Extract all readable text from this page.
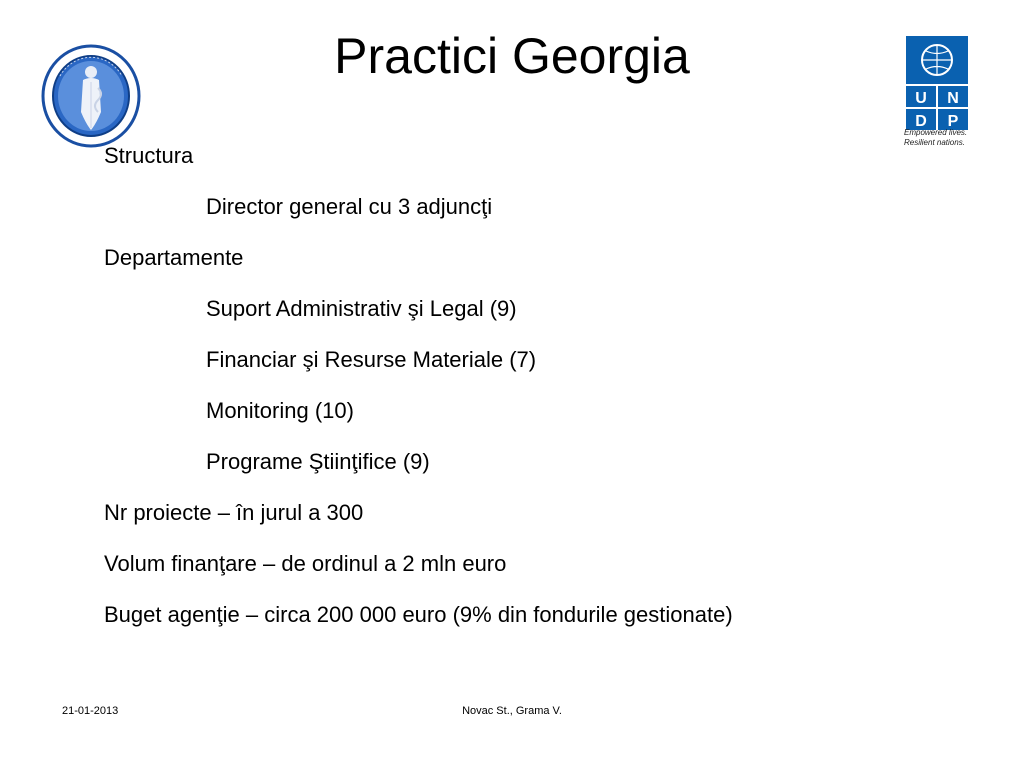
Practici Georgia
U N
D P
Empowered lives.
Resilient nations.
Structura
Director general cu 3 adjuncţi
Departamente
Suport Administrativ şi Legal (9)
Financiar şi Resurse Materiale (7)
Monitoring (10)
Programe Ştiinţifice (9)
Nr proiecte – în jurul a 300
Volum finanţare – de ordinul a 2 mln euro
Buget agenţie – circa 200 000 euro (9% din fondurile gestionate)
21-01-2013	Novac St., Grama V.
